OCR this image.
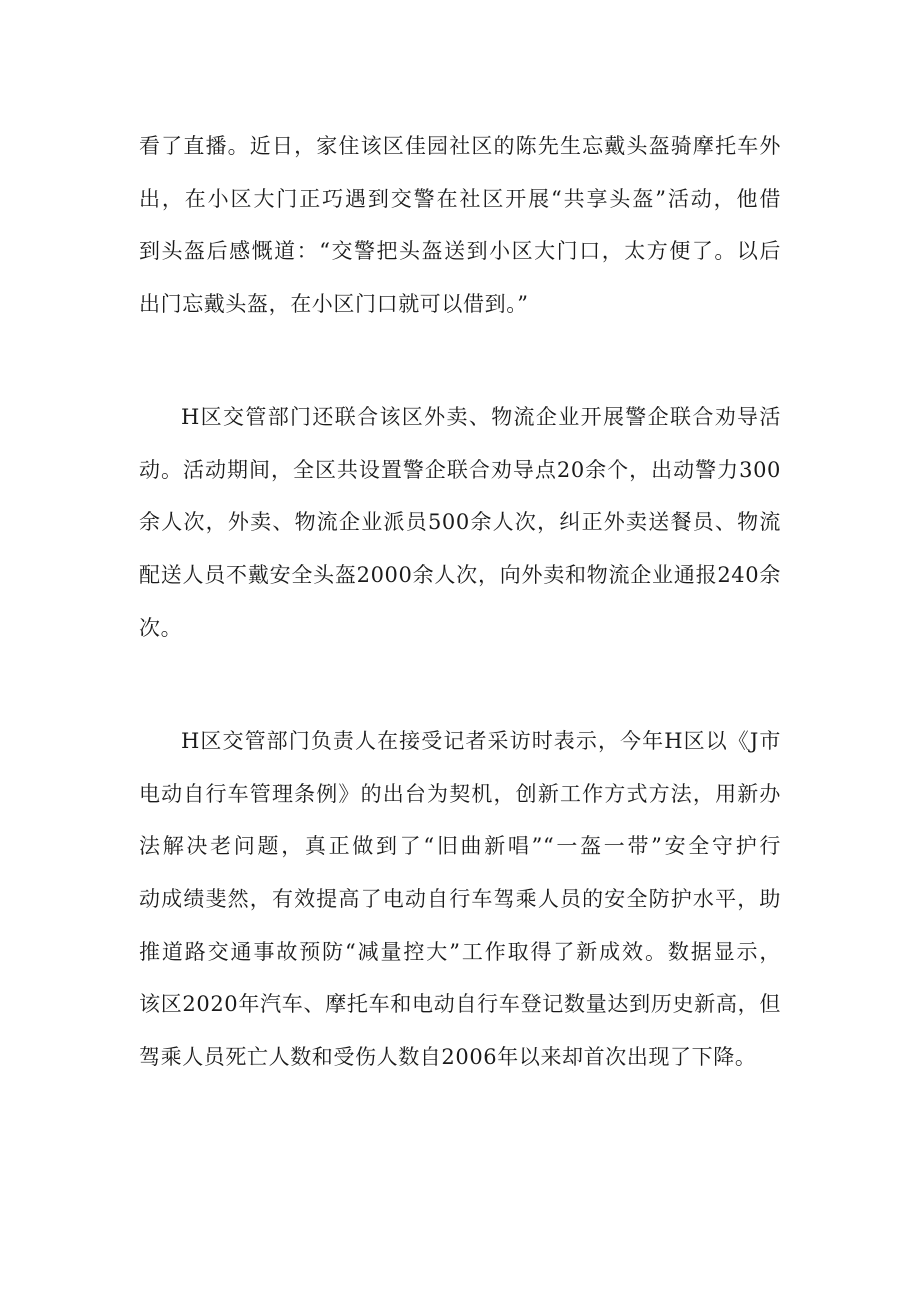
看了直播。近日，家住该区佳园社区的陈先生忘戴头盔骑摩托车外
出，在小区大门正巧遇到交警在社区开展“共享头盔”活动，他借
到头盔后感慨道：“交警把头盔送到小区大门口，太方便了。以后
出门忘戴头盔，在小区门口就可以借到。”
H区交管部门还联合该区外卖、物流企业开展警企联合劝导活
动。活动期间，全区共设置警企联合劝导点20余个，出动警力300
余人次，外卖、物流企业派员500余人次，纠正外卖送餐员、物流
配送人员不戴安全头盔2000余人次，向外卖和物流企业通报240余
次。
H区交管部门负责人在接受记者采访时表示，今年H区以《J市
电动自行车管理条例》的出台为契机，创新工作方式方法，用新办
法解决老问题，真正做到了“旧曲新唱”“一盔一带”安全守护行
动成绩斐然，有效提高了电动自行车驾乘人员的安全防护水平，助
推道路交通事故预防“减量控大”工作取得了新成效。数据显示，
该区2020年汽车、摩托车和电动自行车登记数量达到历史新高，但
驾乘人员死亡人数和受伤人数自2006年以来却首次出现了下降。
